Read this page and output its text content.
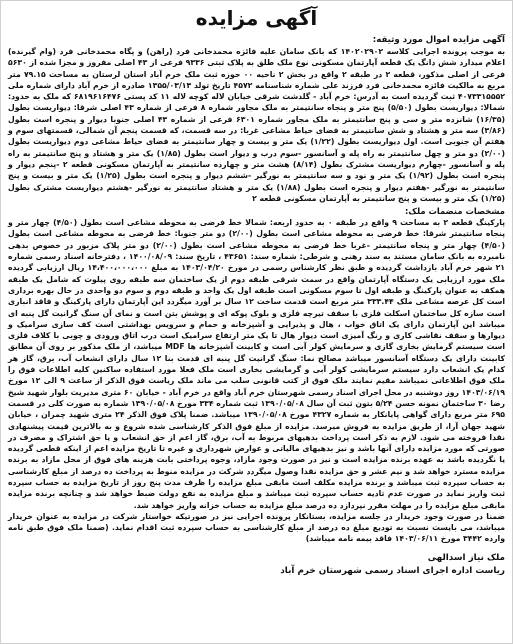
آگهی مزایده
آگهی مزایده اموال مورد وثیقه:

به موجب پرونده اجرایی کلاسه ۱۴۰۲۰۲۹۰۲ که بانک سامان علیه فائزه محمدخانی فرد (راهن) و پگاه محمدخانی فرد (وام گیرنده) اعلام میدارد شش دانگ یک قطعه آپارتمان مسکونی نوع ملک طلق به پلاک ثبتی ۹۳۳۶ فرعی از ۴۳ اصلی مفروز و مجزا شده از ۵۶۳۰ فرعی از اصلی مذکور، قطعه ۲ در طبقه ۲ واقع در بخش ۲ ناحیه ۰۰ حوزه ثبت ملک خرم آباد استان لرستان به مساحت ۷۹.۱۵ متر مربع به مالکیت فائزه محمدخانی فرد فرزند علی شماره شناسنامه ۴۵۷۲ تاریخ تولد ۱۳۵۵/۰۳/۱۳ صادره از خرم آباد دارای شماره ملی ۴۰۷۳۳۱۵۵۵۲ ثبت گردیده است به آدرس: خرم آباد - گلدشت شرقی خیابان لاله کوچه لاله ۱۱ کد پستی ۶۸۱۹۶۱۶۴۷۶ که ملک به حدود: شمالا: دیواریست بطول (۵/۵۰) پنج متر و پنجاه سانتیمتر به ملک مجاور شماره ۸ فرعی از شماره ۴۳ اصلی شرقا: دیواریست بطول (۱۶/۳۵) شانزده متر و سی و پنج سانتیمتر به ملک مجاور شماره ۶۳۰۱ فرعی از شماره ۴۳ اصلی جنوبا دیوار و پنجره است بطول (۳/۸۶) سه متر و هشتاد و شش سانتیمتر به فضای حیاط مشاعی غربا: در سه قسمت، که قسمت پنجم آن شمالی، قسمتهای سوم و هفتم آن جنوبی است. اول دیواریست بطول (۱/۲۲) یک متر و بیست و چهار سانتیمتر به فضای حیاط مشاعی دوم دیواریست بطول (۲/۰۰) دو متر و چهل سانتیمتر به راه پله و آسانسور -سوم درب و دیوار است بطول (۱/۸۵) یک متر و هشتاد و پنج سانتیمتر به راه پله و آسانسور -چهارم دیواریست مشترک بطول (۸/۱۴) هشت متر و چهارده سانتیمتر به آپارتمان مسکونی قطعه ۲ -پنجم دیوار و پنجره است بطول (۱/۹۲) یک متر و نود و سه سانتیمتر به نورگیر -ششم دیوار و پنجره است بطول (۱/۲۵) یک متر و بیست و پنج سانتیمتر به نورگیر -هفتم دیوار و پنجره است بطول (۱/۸۸) یک متر و هشتاد سانتیمتر به نورگیر -هشتم دیواریست مشترک بطول (۱/۲۵) یک متر و بیست و پنج سانتیمتر به آپارتمان مسکونی قطعه ۲

مشخصات منضمات ملک:

پارکینگ قطعه ۲ به مساحت ۹ واقع در طبقه ۰ به حدود اربعه: شمالا خط فرضی به محوطه مشاعی است بطول (۴/۵۰) چهار متر و پنجاه سانتیمتر شرقا: خط فرضی به محوطه مشاعی است بطول (۲/۰۰) دو متر جنوبا: خط فرضی به محوطه مشاعی است بطول (۴/۵۰) چهار متر و پنجاه سانتیمتر -غربا خط فرضی به محوطه مشاعی است بطول (۲/۰۰) دو متر پلاک مزبور در خصوص بدهی نامبرده به بانک سامان مستند به سند رهنی و شرطی: شماره سند: ۴۳۶۵۱ ، تاریخ سند: ۱۴۰۰/۰۸/۰۹ ، دفترخانه اسناد رسمی شماره ۲۱ شهر خرم آباد بازداشت گردیده و طبق نظر کارشناس رسمی در مورخ ۱۴۰۳/۰۴/۲۰ به مبلغ ۱۴،۴۰۰،۰۰۰،۰۰۰ ریال ارزیابی گردیده ملک مورد ارزیابی یک دستگاه آپارتمان واقع در سمت شرقی طبقه دوم از یک ساختمان سه طبقه روی پیلوت که شامل یک طبقه همکف به عنوان پارکینگ و طبقه اول تا سوم مسکونی است طبقه اول یک واحد و طبقه دوم و سوم دو واحدی در حال بهره برداری است کل عرصه مشاعی ملک ۳۳۳.۴۴ متر مربع است قدمت ساخت ۱۲ سال بر آورد میگردد این آپارتمان دارای پارکینگ و فاقد انباری است سازه کل ساختمان اسکلت فلزی با سقف تیرچه فلزی و بلوک پوکه ای و پوشش بتن است و نمای آن سنگ گرانیت گل پنبه ای میباشد این آپارتمان دارای یک اتاق خواب ، هال و پذیرایی و آشپزخانه و حمام و سرویس بهداشتی است کف سازی سرامیک و دیوارها و سقف نقاشی کاری و رنگ آمیزی است دیوار هال تا یک متر ارتفاع سرامیک است درب اتاق ورودی و چوبی با کلاف فلزی است سیستم گرمایش بخاری گازی و سرمایش کولر آبی است و کابینت آشپزخانه ها MDF میباشد، از ملک مذکور بر روی آن مطابق کابینت دارای یک دستگاه آسانسور میباشد مصالح نما: سنگ گرانیت گل پنبه ای قدمت بنا ۱۲ سال دارای انشعاب آب، برق، گاز هر کدام یک انشعاب دارد سیستم سرمایشی کولر آبی و گرمایشی بخاری است ملک فعلا مورد استفاده ساکنین کلیه اطلاعات فوق را ملک فوق اطلاعاتی نمیباشد مقیم نمایند ملک فوق از کتب قانونی سلب می ماند ملک ریاست فوق الذکر از ساعت ۹ الی ۱۲ مورخ ۱۴۰۳/۰۶/۱۹ روز دوشنبه در محل اجرای اسناد رسمی شهرستان خرم آباد واقع در خرم آباد - خیابان ۶۰ متری مدیریت بلوار شهید شیخ رضا ۳۰ ساختمان نمونه حسن ۵/۲۴ بتون ثبت آن سال ۱۳۹۰/۰۵/۰۸ ثبت شماره ۳۳۴ مورخ ۱۳۹۰/۰۵/۰۸ شماره به صورت کلی در قسمت ۶۹۵ متر مربع دارای گواهی پایانکار به شماره ۴۳۲۷ مورخ ۱۳۹۰/۰۵/۰۸ میباشد. ضمنا پلاک فوق الذکر ۲۴ متری شهید چمران ، خیابان شهید جهان آرا، از طریق مزایده به فروش میرسد. مزایده از مبلغ فوق الذکر کارشناسی شده شروع و به بالاترین قیمت پیشنهادی نقدا فروخته می شود. لازم به ذکر است پرداخت بدهیهای مربوط به آب، برق، گاز اعم از حق انشعاب و یا حق اشتراک و مصرف در صورتی که مورد مزایده دارای آنها باشد و نیز بدهیهای مالیاتی و عوارض شهرداری و غیره تا تاریخ مزایده اعم از اینکه قطعی گردیده یا نگردیده باشد به عهده برنده مزایده است و نیز در صورت وجود مازاد، وجوه پرداختی بابت هزینه های فوق از محل مازاد به برنده مزایده مسترد خواهد شد و نیم عشر و حق مزایده نقدا وصول میگردد شرکت در مزایده منوط به پرداخت ده درصد از مبلغ کارشناسی به حساب سپرده ثبت میباشد و برنده مزایده مکلف است مابقی مبلغ مزایده را ظرف مدت پنج روز از تاریخ مزایده به حساب سپرده ثبت واریز نماید در صورت عدم تادیه حساب سپرده ثبت میباشد و مبلغ مزایده به نفع دولت ضبط خواهد شد و چنانچه برنده مزایده مابقی مبلغ مزایده را در مهلت مقرر نپردازد ده درصد مبلغ مزایده به حساب خزانه واریز خواهد شد.

ضمنا در صورت وجود خریدار در جلسه مزایده، بستانکار پرونده اجرایی نیز در صورتیکه خواستار شرکت در مزایده به عنوان خریدار میباشد، می بایست نسبت به تودیع مبلغ ده درصد از مبلغ کارشناسی به حساب سپرده ثبت اقدام نماید. (ضمنا ملک فوق طبق نامه وارده ۳۴۴۲ مورخ ۱۴۰۳/۰۶/۱۱ فاقد بیمه نامه میباشد)

ملک نیاز اسدالهی
ریاست اداره اجرای اسناد رسمی شهرستان خرم آباد
